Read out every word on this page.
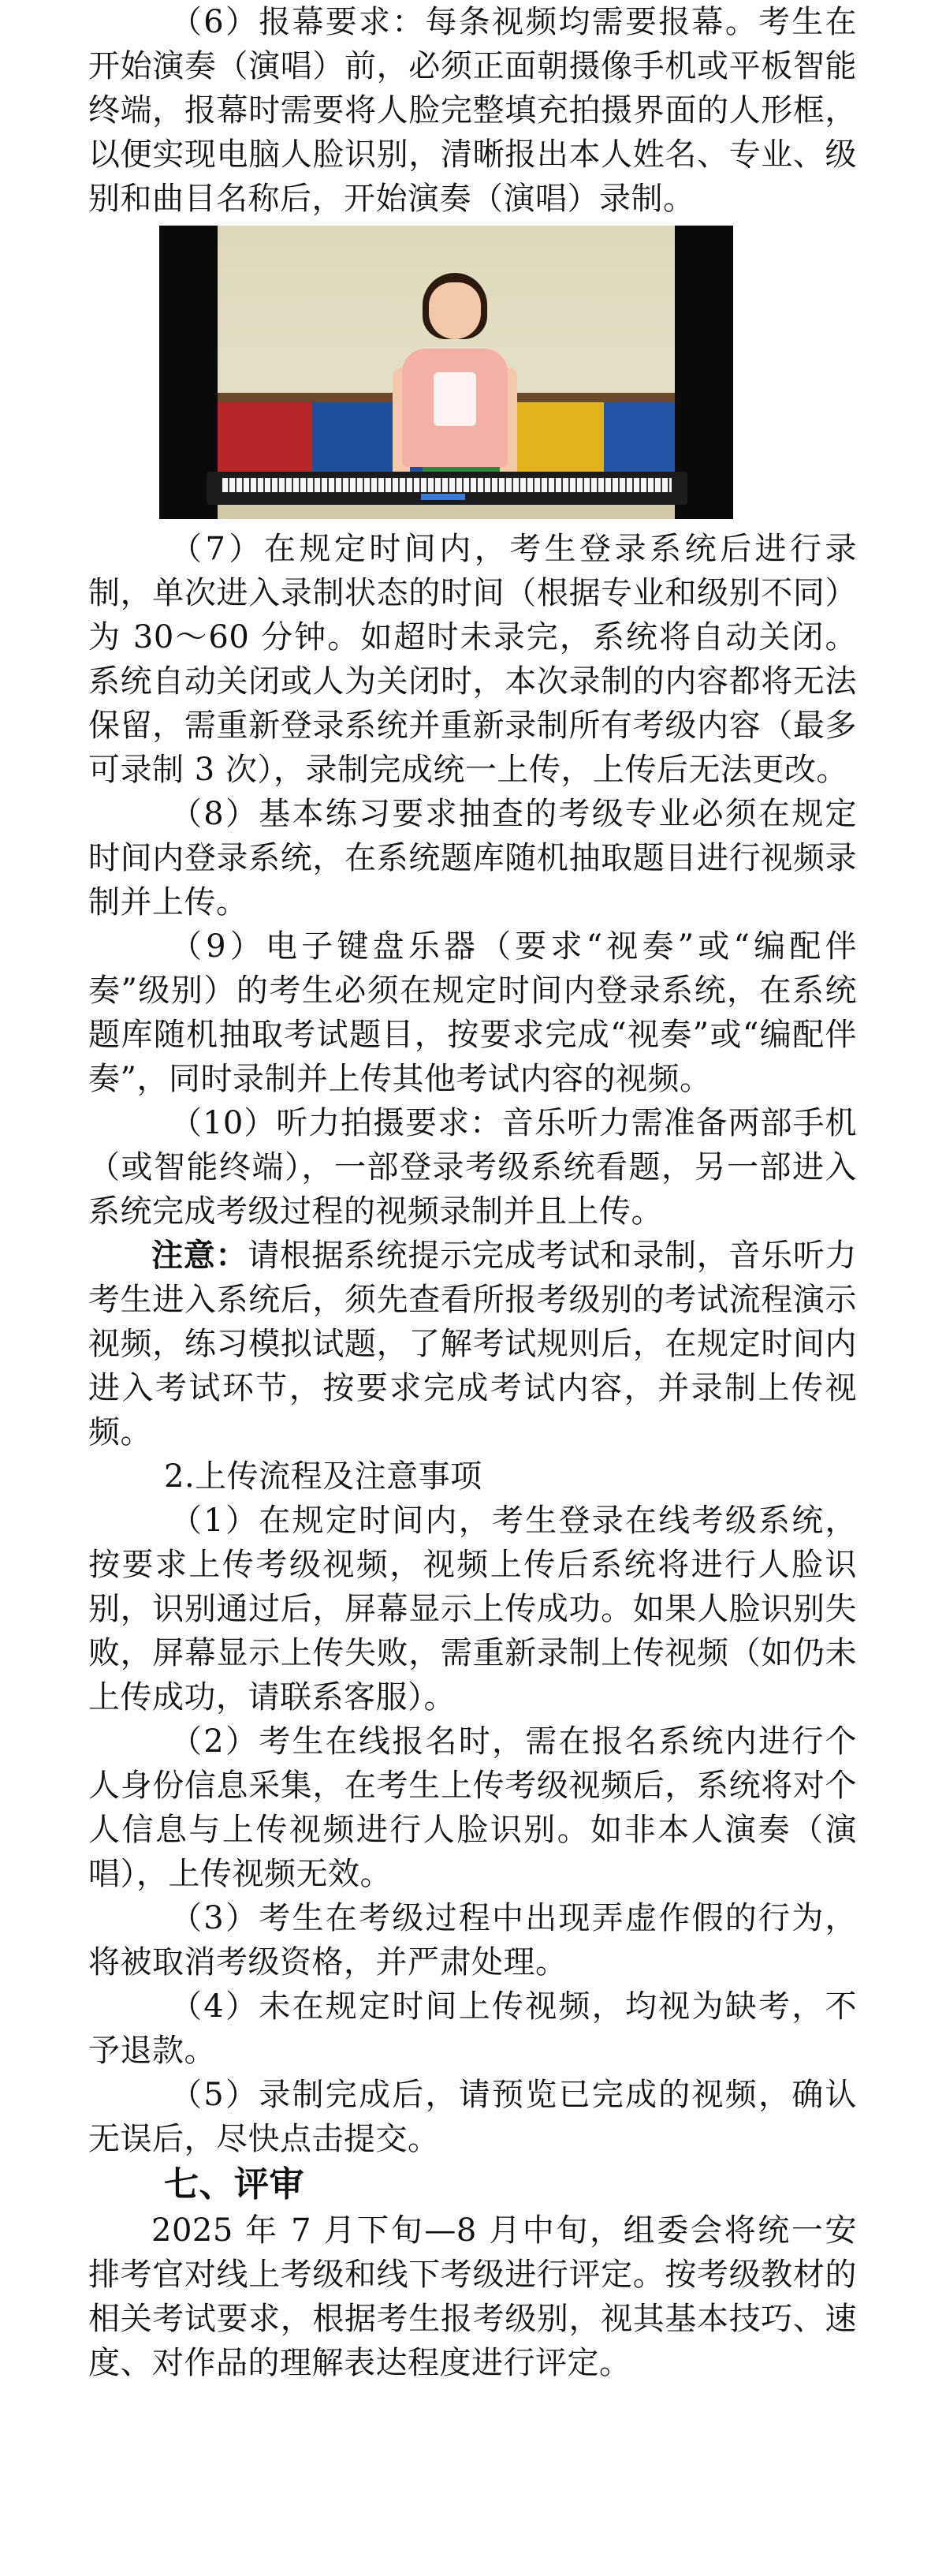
（6）报幕要求：每条视频均需要报幕。考生在开始演奏（演唱）前，必须正面朝摄像手机或平板智能终端，报幕时需要将人脸完整填充拍摄界面的人形框，以便实现电脑人脸识别，清晰报出本人姓名、专业、级别和曲目名称后，开始演奏（演唱）录制。

（7）在规定时间内，考生登录系统后进行录制，单次进入录制状态的时间（根据专业和级别不同）为 30～60 分钟。如超时未录完，系统将自动关闭。系统自动关闭或人为关闭时，本次录制的内容都将无法保留，需重新登录系统并重新录制所有考级内容（最多可录制 3 次），录制完成统一上传，上传后无法更改。

（8）基本练习要求抽查的考级专业必须在规定时间内登录系统，在系统题库随机抽取题目进行视频录制并上传。

（9）电子键盘乐器（要求“视奏”或“编配伴奏”级别）的考生必须在规定时间内登录系统，在系统题库随机抽取考试题目，按要求完成“视奏”或“编配伴奏”，同时录制并上传其他考试内容的视频。

（10）听力拍摄要求：音乐听力需准备两部手机（或智能终端），一部登录考级系统看题，另一部进入系统完成考级过程的视频录制并且上传。

注意：请根据系统提示完成考试和录制，音乐听力考生进入系统后，须先查看所报考级别的考试流程演示视频，练习模拟试题，了解考试规则后，在规定时间内进入考试环节，按要求完成考试内容，并录制上传视频。

2.上传流程及注意事项

（1）在规定时间内，考生登录在线考级系统，按要求上传考级视频，视频上传后系统将进行人脸识别，识别通过后，屏幕显示上传成功。如果人脸识别失败，屏幕显示上传失败，需重新录制上传视频（如仍未上传成功，请联系客服）。

（2）考生在线报名时，需在报名系统内进行个人身份信息采集，在考生上传考级视频后，系统将对个人信息与上传视频进行人脸识别。如非本人演奏（演唱），上传视频无效。

（3）考生在考级过程中出现弄虚作假的行为，将被取消考级资格，并严肃处理。

（4）未在规定时间上传视频，均视为缺考，不予退款。

（5）录制完成后，请预览已完成的视频，确认无误后，尽快点击提交。

七、评审

2025 年 7 月下旬—8 月中旬，组委会将统一安排考官对线上考级和线下考级进行评定。按考级教材的相关考试要求，根据考生报考级别，视其基本技巧、速度、对作品的理解表达程度进行评定。
